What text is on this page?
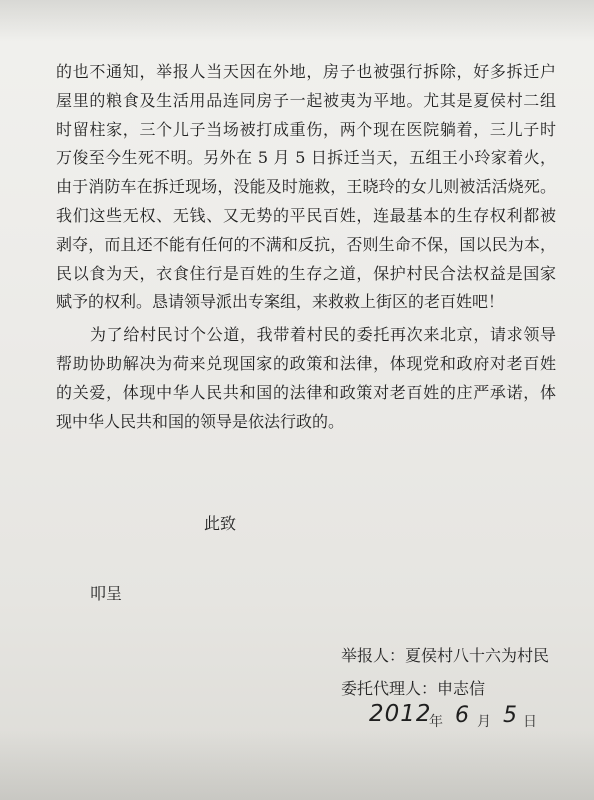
的也不通知，举报人当天因在外地，房子也被强行拆除，好多拆迁户
屋里的粮食及生活用品连同房子一起被夷为平地。尤其是夏侯村二组
时留柱家，三个儿子当场被打成重伤，两个现在医院躺着，三儿子时
万俊至今生死不明。另外在 5 月 5 日拆迁当天，五组王小玲家着火，
由于消防车在拆迁现场，没能及时施救，王晓玲的女儿则被活活烧死。
我们这些无权、无钱、又无势的平民百姓，连最基本的生存权利都被
剥夺，而且还不能有任何的不满和反抗，否则生命不保，国以民为本，
民以食为天，衣食住行是百姓的生存之道，保护村民合法权益是国家
赋予的权利。恳请领导派出专案组，来救救上街区的老百姓吧！
为了给村民讨个公道，我带着村民的委托再次来北京，请求领导
帮助协助解决为荷来兑现国家的政策和法律，体现党和政府对老百姓
的关爱，体现中华人民共和国的法律和政策对老百姓的庄严承诺，体
现中华人民共和国的领导是依法行政的。
此致
叩呈
举报人：夏侯村八十六为村民
委托代理人：申志信
2012
年 6 月 5 日
